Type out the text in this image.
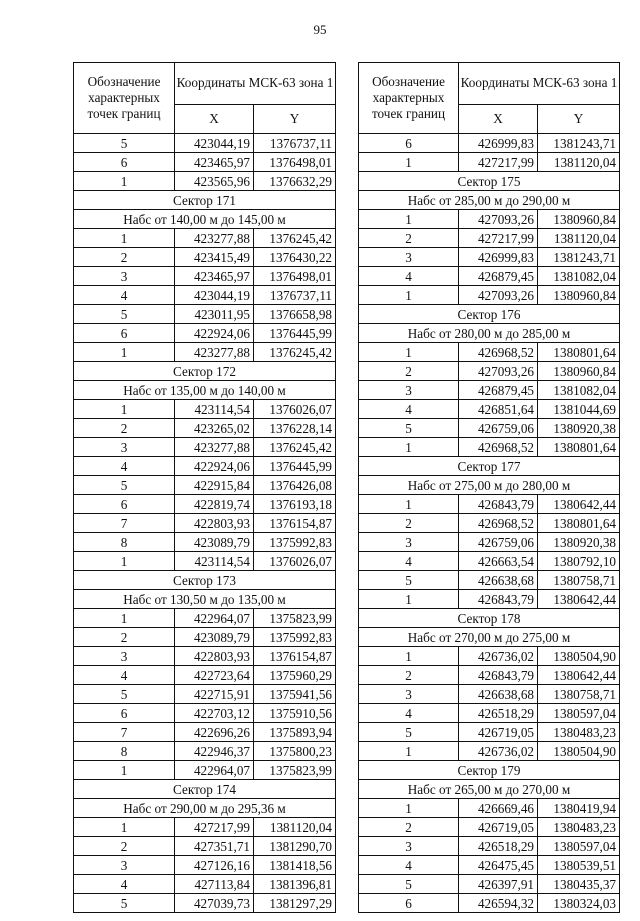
95
Обозначение характерных точек границ	Координаты МСК-63 зона 1	
	X	Y
5	423044,19	1376737,11
6	423465,97	1376498,01
1	423565,96	1376632,29
Сектор 171		
Набс от 140,00 м до 145,00 м		
1	423277,88	1376245,42
2	423415,49	1376430,22
3	423465,97	1376498,01
4	423044,19	1376737,11
5	423011,95	1376658,98
6	422924,06	1376445,99
1	423277,88	1376245,42
Сектор 172		
Набс от 135,00 м до 140,00 м		
1	423114,54	1376026,07
2	423265,02	1376228,14
3	423277,88	1376245,42
4	422924,06	1376445,99
5	422915,84	1376426,08
6	422819,74	1376193,18
7	422803,93	1376154,87
8	423089,79	1375992,83
1	423114,54	1376026,07
Сектор 173		
Набс от 130,50 м до 135,00 м		
1	422964,07	1375823,99
2	423089,79	1375992,83
3	422803,93	1376154,87
4	422723,64	1375960,29
5	422715,91	1375941,56
6	422703,12	1375910,56
7	422696,26	1375893,94
8	422946,37	1375800,23
1	422964,07	1375823,99
Сектор 174		
Набс от 290,00 м до 295,36 м		
1	427217,99	1381120,04
2	427351,71	1381290,70
3	427126,16	1381418,56
4	427113,84	1381396,81
5	427039,73	1381297,29
Обозначение характерных точек границ	Координаты МСК-63 зона 1	
	X	Y
6	426999,83	1381243,71
1	427217,99	1381120,04
Сектор 175		
Набс от 285,00 м до 290,00 м		
1	427093,26	1380960,84
2	427217,99	1381120,04
3	426999,83	1381243,71
4	426879,45	1381082,04
1	427093,26	1380960,84
Сектор 176		
Набс от 280,00 м до 285,00 м		
1	426968,52	1380801,64
2	427093,26	1380960,84
3	426879,45	1381082,04
4	426851,64	1381044,69
5	426759,06	1380920,38
1	426968,52	1380801,64
Сектор 177		
Набс от 275,00 м до 280,00 м		
1	426843,79	1380642,44
2	426968,52	1380801,64
3	426759,06	1380920,38
4	426663,54	1380792,10
5	426638,68	1380758,71
1	426843,79	1380642,44
Сектор 178		
Набс от 270,00 м до 275,00 м		
1	426736,02	1380504,90
2	426843,79	1380642,44
3	426638,68	1380758,71
4	426518,29	1380597,04
5	426719,05	1380483,23
1	426736,02	1380504,90
Сектор 179		
Набс от 265,00 м до 270,00 м		
1	426669,46	1380419,94
2	426719,05	1380483,23
3	426518,29	1380597,04
4	426475,45	1380539,51
5	426397,91	1380435,37
6	426594,32	1380324,03
